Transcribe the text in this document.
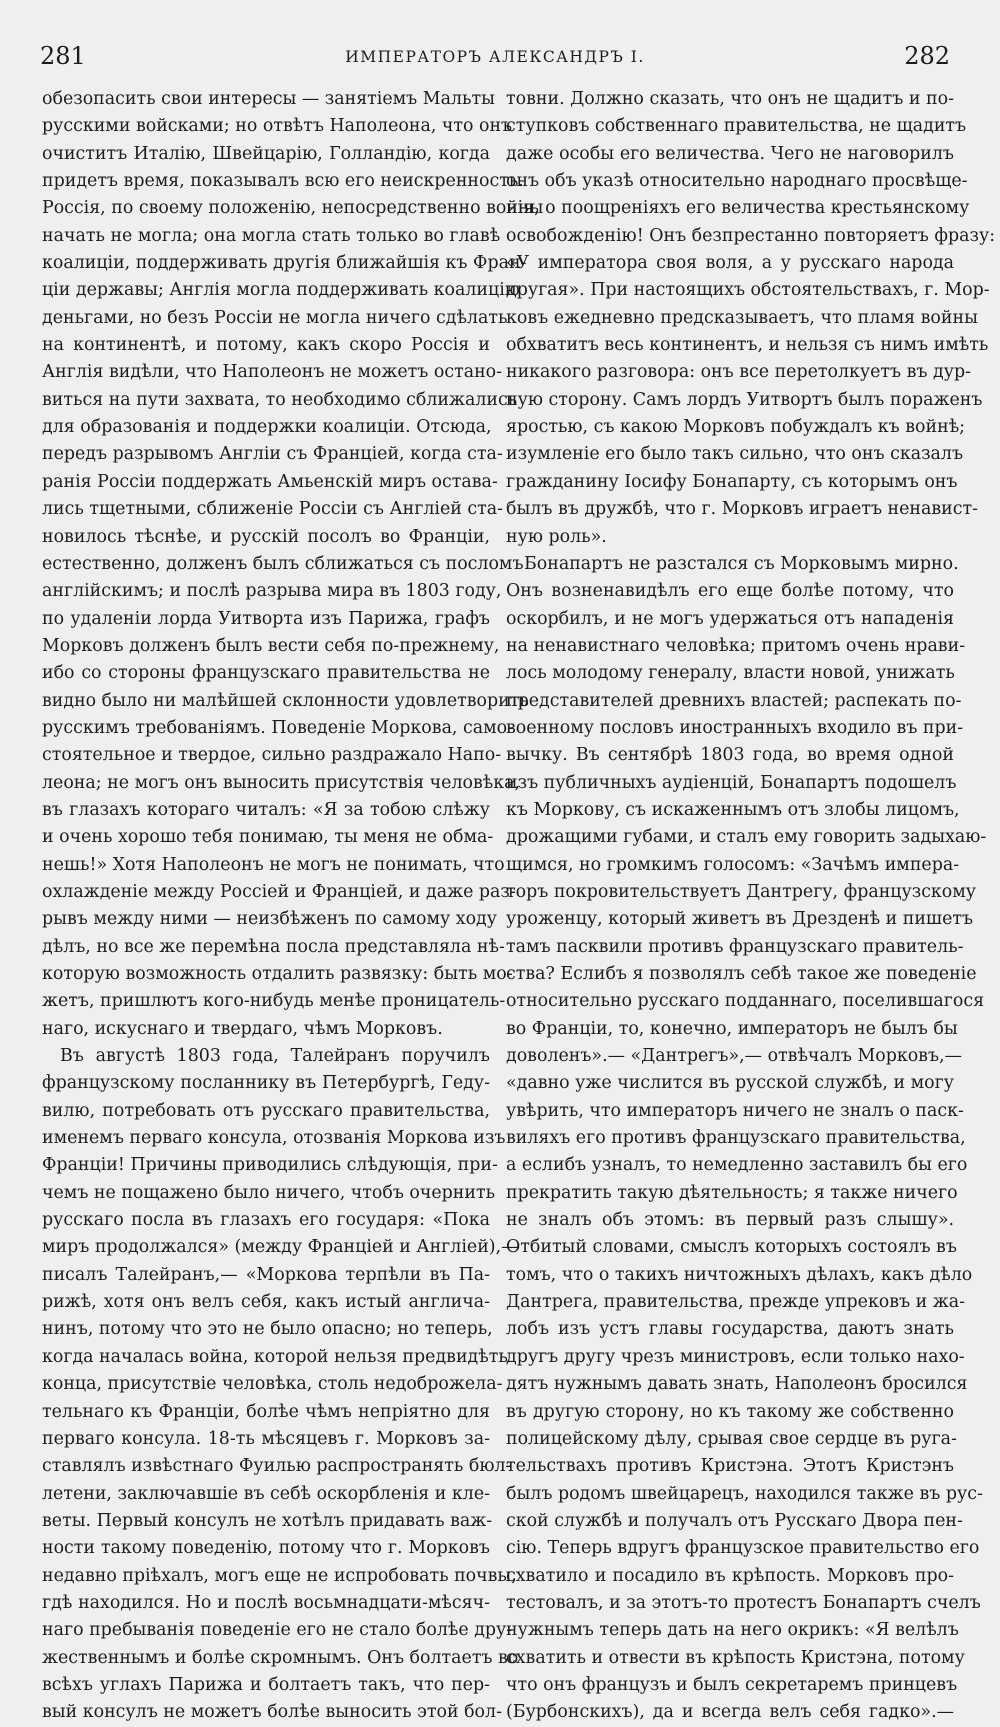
281	ИМПЕРАТОРЪ АЛЕКСАНДРЪ I.	282
обезопасить свои интересы — занятіемъ Мальты
русскими войсками; но отвѣтъ Наполеона, что онъ
очиститъ Италію, Швейцарію, Голландію, когда
придетъ время, показывалъ всю его неискренность.
Россія, по своему положенію, непосредственно войны
начать не могла; она могла стать только во главѣ
коалиціи, поддерживать другія ближайшія къ Фран-
ціи державы; Англія могла поддерживать коалицію
деньгами, но безъ Россіи не могла ничего сдѣлать
на континентѣ, и потому, какъ скоро Россія и
Англія видѣли, что Наполеонъ не можетъ останo-
виться на пути захвата, то необходимо сближались
для образованія и поддержки коалиціи. Отсюда,
передъ разрывомъ Англіи съ Франціей, когда ста-
ранія Россіи поддержать Амьенскій миръ оставa-
лись тщетными, сближеніе Россіи съ Англіей ста-
новилось тѣснѣе, и русскій посолъ во Франціи,
естественно, долженъ былъ сближаться съ посломъ
англійскимъ; и послѣ разрыва мира въ 1803 году,
по удаленіи лорда Уитворта изъ Парижа, графъ
Морковъ долженъ былъ вести себя по-прежнему,
ибо со стороны французскаго правительства не
видно было ни малѣйшей склонности удовлетворить
русскимъ требованіямъ. Поведеніе Моркова, само-
стоятельное и твердое, сильно раздражало Напо-
леона; не могъ онъ выносить присутствія человѣка,
въ глазахъ котораго читалъ: «Я за тобою слѣжу
и очень хорошо тебя понимаю, ты меня не обма-
нешь!» Хотя Наполеонъ не могъ не понимать, что
охлажденіе между Россіей и Франціей, и даже раз-
рывъ между ними — неизбѣженъ по самому ходу
дѣлъ, но все же перемѣна посла представляла нѣ-
которую возможность отдалить развязку: быть мо-
жетъ, пришлютъ кого-нибудь менѣе проницатель-
наго, искуснаго и твердаго, чѣмъ Морковъ.
Въ августѣ 1803 года, Талейранъ поручилъ
французскому посланнику въ Петербургѣ, Геду-
вилю, потребовать отъ русскаго правительства,
именемъ перваго консула, отозванія Моркова изъ
Франціи! Причины приводились слѣдующія, при-
чемъ не пощажено было ничего, чтобъ очернить
русскаго посла въ глазахъ его государя: «Пока
миръ продолжался» (между Франціей и Англіей),—
писалъ Талейранъ,— «Моркова терпѣли въ Па-
рижѣ, хотя онъ велъ себя, какъ истый англича-
нинъ, потому что это не было опасно; но теперь,
когда началась война, которой нельзя предвидѣть
конца, присутствіе человѣка, столь недоброжела-
тельнаго къ Франціи, болѣе чѣмъ непріятно для
перваго консула. 18-ть мѣсяцевъ г. Морковъ за-
ставлялъ извѣстнаго Фуилью распространять бюл-
летени, заключавшіе въ себѣ оскорбленія и кле-
веты. Первый консулъ не хотѣлъ придавать важ-
ности такому поведенію, потому что г. Морковъ
недавно пріѣхалъ, могъ еще не испробовать почвы,
гдѣ находился. Но и послѣ восьмнадцати-мѣсяч-
наго пребыванія поведеніе его не стало болѣе дру-
жественнымъ и болѣе скромнымъ. Онъ болтаетъ во
всѣхъ углахъ Парижа и болтаетъ такъ, что пер-
вый консулъ не можетъ болѣе выносить этой бол-
товни. Должно сказать, что онъ не щадитъ и по-
ступковъ собственнаго правительства, не щадитъ
даже особы его величества. Чего не наговорилъ
онъ объ указѣ относительно народнаго просвѣще-
нія, о поощреніяхъ его величества крестьянскому
освобожденію! Онъ безпрестанно повторяетъ фразу:
«У императора своя воля, а у русскаго народа
другая». При настоящихъ обстоятельствахъ, г. Мор-
ковъ ежедневно предсказываетъ, что пламя войны
обхватитъ весь континентъ, и нельзя съ нимъ имѣть
никакого разговора: онъ все перетолкуетъ въ дур-
ную сторону. Самъ лордъ Уитвортъ былъ пораженъ
яростью, съ какою Морковъ побуждалъ къ войнѣ;
изумленіе его было такъ сильно, что онъ сказалъ
гражданину Іосифу Бонапарту, съ которымъ онъ
былъ въ дружбѣ, что г. Морковъ играетъ ненавист-
ную роль».
Бонапартъ не разстался съ Морковымъ мирно.
Онъ возненавидѣлъ его еще болѣе потому, что
оскорбилъ, и не могъ удержаться отъ нападенія
на ненавистнаго человѣка; притомъ очень нрави-
лось молодому генералу, власти новой, унижать
представителей древнихъ властей; распекать по-
военному пословъ иностранныхъ входило въ при-
вычку. Въ сентябрѣ 1803 года, во время одной
изъ публичныхъ аудіенцій, Бонапартъ подошелъ
къ Моркову, съ искаженнымъ отъ злобы лицомъ,
дрожащими губами, и сталъ ему говорить задыхаю-
щимся, но громкимъ голосомъ: «Зачѣмъ импера-
торъ покровительствуетъ Дантрегу, французскому
уроженцу, который живетъ въ Дрезденѣ и пишетъ
тамъ пасквили противъ французскаго правитель-
ства? Еслибъ я позволялъ себѣ такое же поведеніе
относительно русскаго подданнаго, поселившагося
во Франціи, то, конечно, императоръ не былъ бы
доволенъ».— «Дантрегъ»,— отвѣчалъ Морковъ,—
«давно уже числится въ русской службѣ, и могу
увѣрить, что императоръ ничего не зналъ о паск-
виляхъ его противъ французскаго правительства,
а еслибъ узналъ, то немедленно заставилъ бы его
прекратить такую дѣятельность; я также ничего
не зналъ объ этомъ: въ первый разъ слышу».
Отбитый словами, смыслъ которыхъ состоялъ въ
томъ, что о такихъ ничтожныхъ дѣлахъ, какъ дѣло
Дантрега, правительства, прежде упрековъ и жа-
лобъ изъ устъ главы государства, даютъ знать
другъ другу чрезъ министровъ, если только нахо-
дятъ нужнымъ давать знать, Наполеонъ бросился
въ другую сторону, но къ такому же собственно
полицейскому дѣлу, срывая свое сердце въ руга-
тельствахъ противъ Кристэна. Этотъ Кристэнъ
былъ родомъ швейцарецъ, находился также въ рус-
ской службѣ и получалъ отъ Русскаго Двора пен-
сію. Теперь вдругъ французское правительство его
схватило и посадило въ крѣпость. Морковъ про-
тестовалъ, и за этотъ-то протестъ Бонапартъ счелъ
нужнымъ теперь дать на него окрикъ: «Я велѣлъ
схватить и отвести въ крѣпость Кристэна, потому
что онъ французъ и былъ секретаремъ принцевъ
(Бурбонскихъ), да и всегда велъ себя гадко».—
